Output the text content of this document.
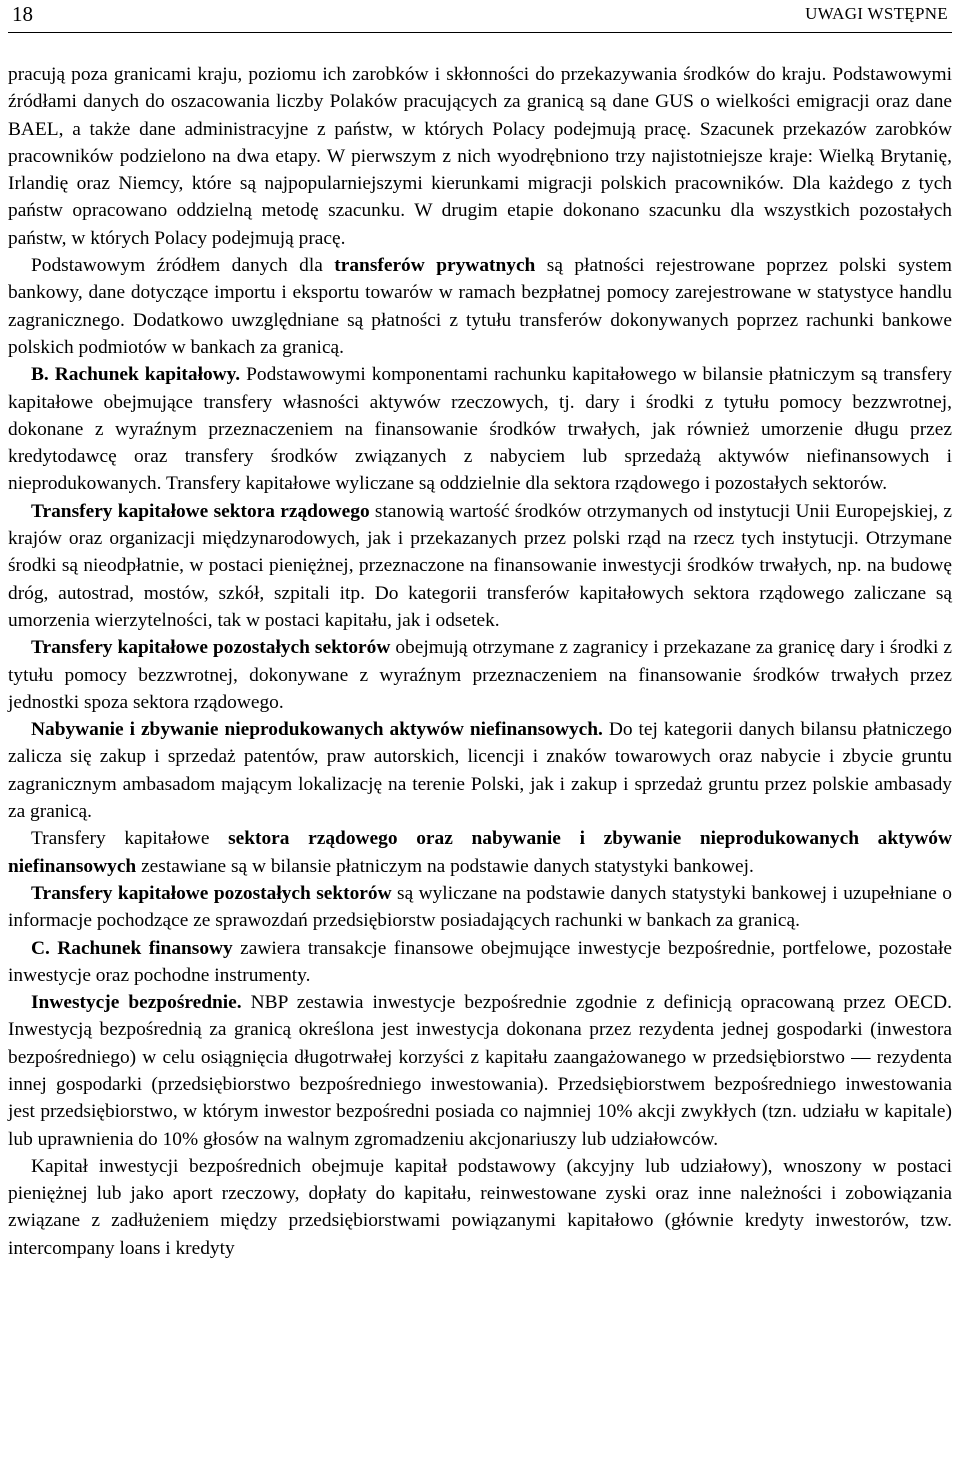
18	UWAGI WSTĘPNE

pracują poza granicami kraju, poziomu ich zarobków i skłonności do przekazywania środków do kraju. Podstawowymi źródłami danych do oszacowania liczby Polaków pracujących za granicą są dane GUS o wielkości emigracji oraz dane BAEL, a także dane administracyjne z państw, w których Polacy podejmują pracę. Szacunek przekazów zarobków pracowników podzielono na dwa etapy. W pierwszym z nich wyodrębniono trzy najistotniejsze kraje: Wielką Brytanię, Irlandię oraz Niemcy, które są najpopularniejszymi kierunkami migracji polskich pracowników. Dla każdego z tych państw opracowano oddzielną metodę szacunku. W drugim etapie dokonano szacunku dla wszystkich pozostałych państw, w których Polacy podejmują pracę.

Podstawowym źródłem danych dla transferów prywatnych są płatności rejestrowane poprzez polski system bankowy, dane dotyczące importu i eksportu towarów w ramach bezpłatnej pomocy zarejestrowane w statystyce handlu zagranicznego. Dodatkowo uwzględniane są płatności z tytułu transferów dokonywanych poprzez rachunki bankowe polskich podmiotów w bankach za granicą.

B. Rachunek kapitałowy. Podstawowymi komponentami rachunku kapitałowego w bilansie płatniczym są transfery kapitałowe obejmujące transfery własności aktywów rzeczowych, tj. dary i środki z tytułu pomocy bezzwrotnej, dokonane z wyraźnym przeznaczeniem na finansowanie środków trwałych, jak również umorzenie długu przez kredytodawcę oraz transfery środków związanych z nabyciem lub sprzedażą aktywów niefinansowych i nieprodukowanych. Transfery kapitałowe wyliczane są oddzielnie dla sektora rządowego i pozostałych sektorów.

Transfery kapitałowe sektora rządowego stanowią wartość środków otrzymanych od instytucji Unii Europejskiej, z krajów oraz organizacji międzynarodowych, jak i przekazanych przez polski rząd na rzecz tych instytucji. Otrzymane środki są nieodpłatnie, w postaci pieniężnej, przeznaczone na finansowanie inwestycji środków trwałych, np. na budowę dróg, autostrad, mostów, szkół, szpitali itp. Do kategorii transferów kapitałowych sektora rządowego zaliczane są umorzenia wierzytelności, tak w postaci kapitału, jak i odsetek.

Transfery kapitałowe pozostałych sektorów obejmują otrzymane z zagranicy i przekazane za granicę dary i środki z tytułu pomocy bezzwrotnej, dokonywane z wyraźnym przeznaczeniem na finansowanie środków trwałych przez jednostki spoza sektora rządowego.

Nabywanie i zbywanie nieprodukowanych aktywów niefinansowych. Do tej kategorii danych bilansu płatniczego zalicza się zakup i sprzedaż patentów, praw autorskich, licencji i znaków towarowych oraz nabycie i zbycie gruntu zagranicznym ambasadom mającym lokalizację na terenie Polski, jak i zakup i sprzedaż gruntu przez polskie ambasady za granicą.

Transfery kapitałowe sektora rządowego oraz nabywanie i zbywanie nieprodukowanych aktywów niefinansowych zestawiane są w bilansie płatniczym na podstawie danych statystyki bankowej.

Transfery kapitałowe pozostałych sektorów są wyliczane na podstawie danych statystyki bankowej i uzupełniane o informacje pochodzące ze sprawozdań przedsiębiorstw posiadających rachunki w bankach za granicą.

C. Rachunek finansowy zawiera transakcje finansowe obejmujące inwestycje bezpośrednie, portfelowe, pozostałe inwestycje oraz pochodne instrumenty.

Inwestycje bezpośrednie. NBP zestawia inwestycje bezpośrednie zgodnie z definicją opracowaną przez OECD. Inwestycją bezpośrednią za granicą określona jest inwestycja dokonana przez rezydenta jednej gospodarki (inwestora bezpośredniego) w celu osiągnięcia długotrwałej korzyści z kapitału zaangażowanego w przedsiębiorstwo — rezydenta innej gospodarki (przedsiębiorstwo bezpośredniego inwestowania). Przedsiębiorstwem bezpośredniego inwestowania jest przedsiębiorstwo, w którym inwestor bezpośredni posiada co najmniej 10% akcji zwykłych (tzn. udziału w kapitale) lub uprawnienia do 10% głosów na walnym zgromadzeniu akcjonariuszy lub udziałowców.

Kapitał inwestycji bezpośrednich obejmuje kapitał podstawowy (akcyjny lub udziałowy), wnoszony w postaci pieniężnej lub jako aport rzeczowy, dopłaty do kapitału, reinwestowane zyski oraz inne należności i zobowiązania związane z zadłużeniem między przedsiębiorstwami powiązanymi kapitałowo (głównie kredyty inwestorów, tzw. intercompany loans i kredyty
